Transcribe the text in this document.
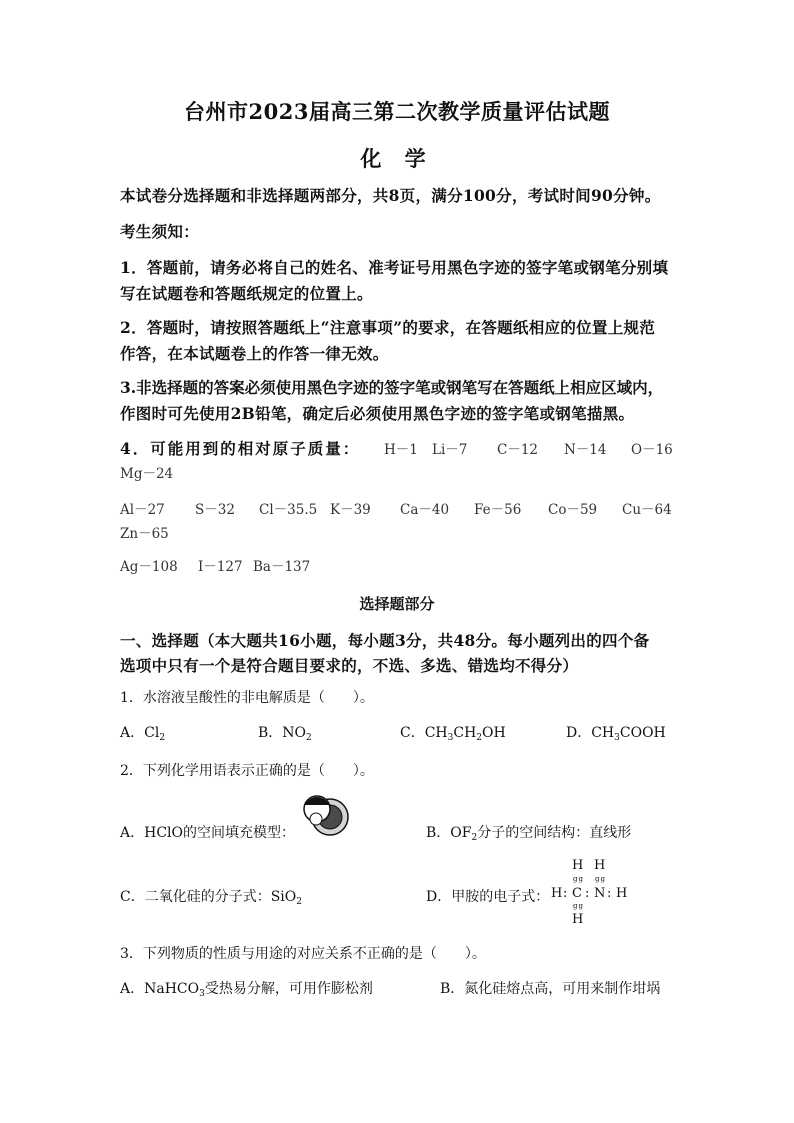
台州市2023届高三第二次教学质量评估试题
化 学
本试卷分选择题和非选择题两部分，共8页，满分100分，考试时间90分钟。
考生须知：
1．答题前，请务必将自己的姓名、准考证号用黑色字迹的签字笔或钢笔分别填
写在试题卷和答题纸规定的位置上。
2．答题时，请按照答题纸上“注意事项”的要求，在答题纸相应的位置上规范
作答，在本试题卷上的作答一律无效。
3.非选择题的答案必须使用黑色字迹的签字笔或钢笔写在答题纸上相应区域内，
作图时可先使用2B铅笔，确定后必须使用黑色字迹的签字笔或钢笔描黑。
4．可能用到的相对原子质量： H－1 Li－7 C－12 N－14 O－16
Mg－24
Al－27 S－32 Cl－35.5 K－39 Ca－40 Fe－56 Co－59 Cu－64
Zn－65
Ag－108 I－127 Ba－137
选择题部分
一、选择题（本大题共16小题，每小题3分，共48分。每小题列出的四个备
选项中只有一个是符合题目要求的，不选、多选、错选均不得分）
1．水溶液呈酸性的非电解质是（　　）。
A．$Cl_2$	B．$NO_2$	C．$CH_3CH_2OH$	D．$CH_3COOH$
2．下列化学用语表示正确的是（　　）。
A．HClO的空间填充模型：	B．$OF_2$分子的空间结构：直线形
C．二氧化硅的分子式：SiO$_2$	D．甲胺的电子式：
H H
gg gg
H : C : N : H
gg
H
3．下列物质的性质与用途的对应关系不正确的是（　　）。
A．NaHCO$_3$受热易分解，可用作膨松剂	B．氮化硅熔点高，可用来制作坩埚
